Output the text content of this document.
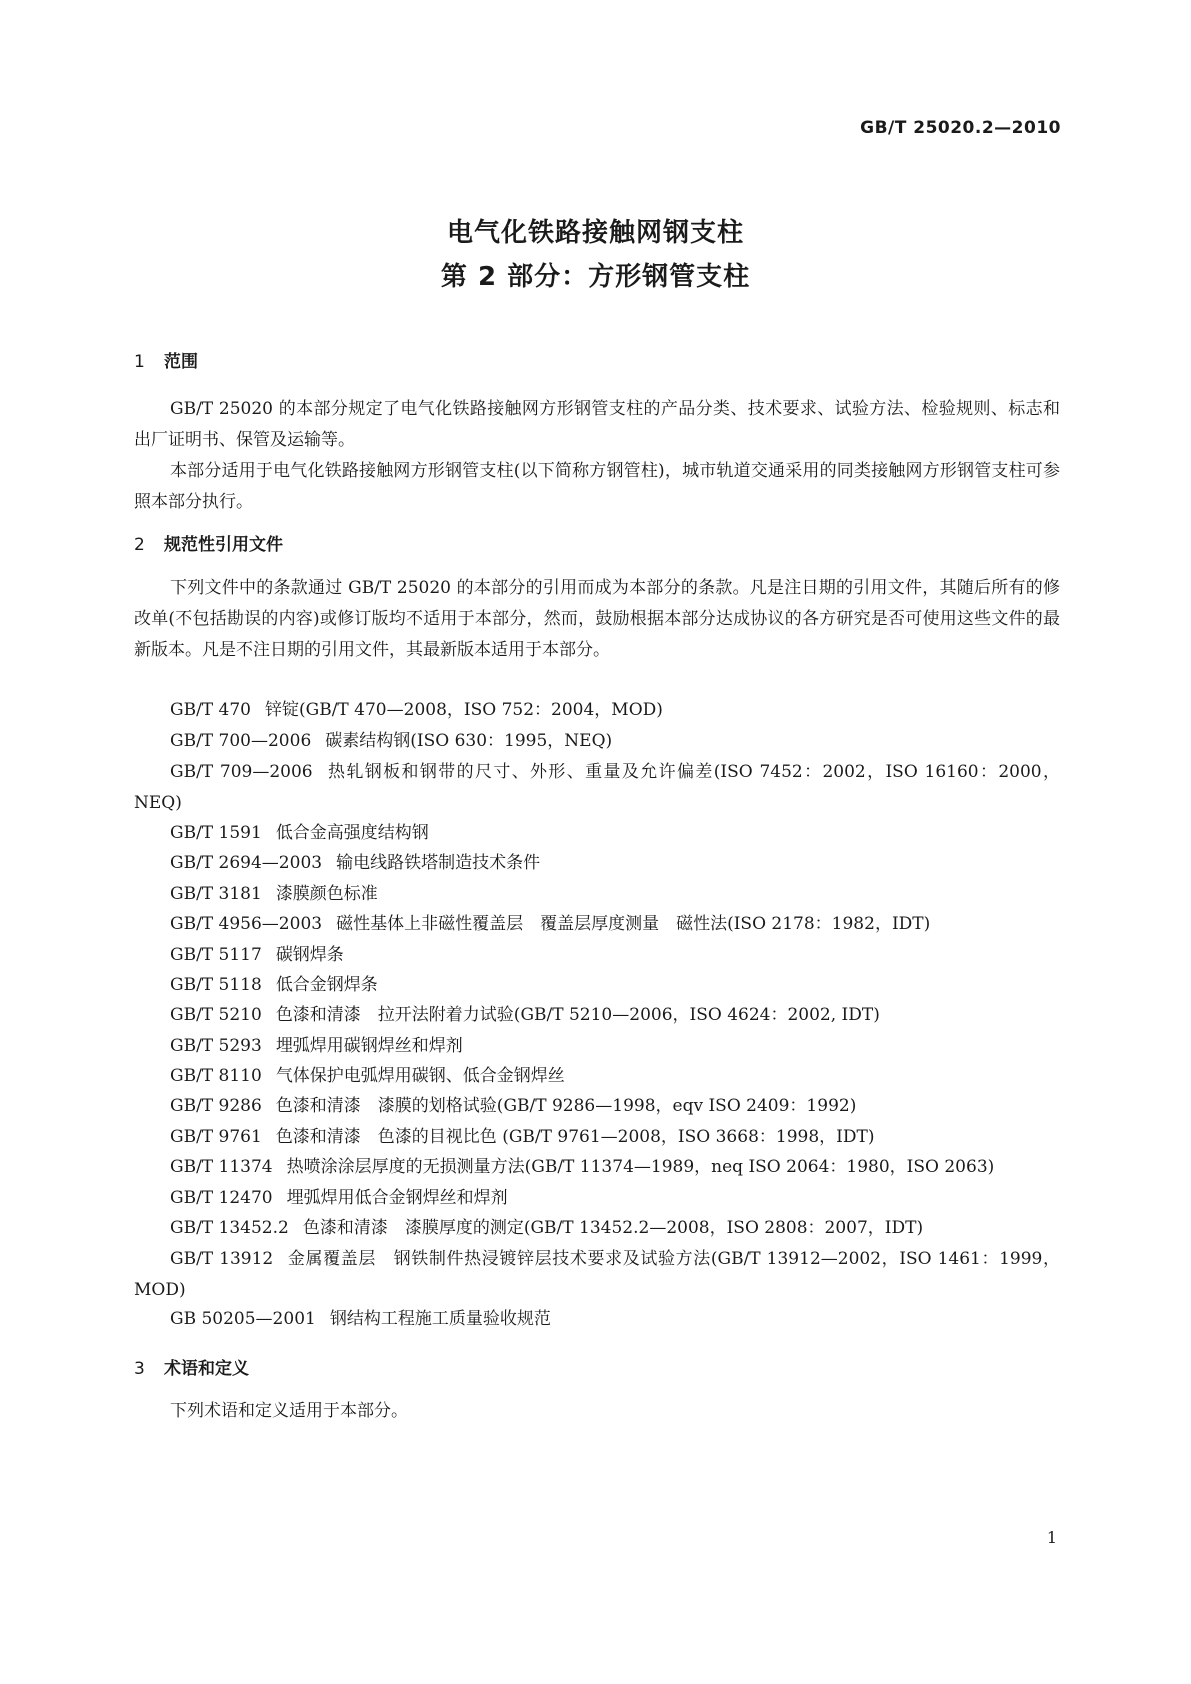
GB/T 25020.2—2010
电气化铁路接触网钢支柱
第 2 部分：方形钢管支柱
1 范围
GB/T 25020 的本部分规定了电气化铁路接触网方形钢管支柱的产品分类、技术要求、试验方法、检验规则、标志和出厂证明书、保管及运输等。
本部分适用于电气化铁路接触网方形钢管支柱(以下简称方钢管柱)，城市轨道交通采用的同类接触网方形钢管支柱可参照本部分执行。
2 规范性引用文件
下列文件中的条款通过 GB/T 25020 的本部分的引用而成为本部分的条款。凡是注日期的引用文件，其随后所有的修改单(不包括勘误的内容)或修订版均不适用于本部分，然而，鼓励根据本部分达成协议的各方研究是否可使用这些文件的最新版本。凡是不注日期的引用文件，其最新版本适用于本部分。
GB/T 470 锌锭(GB/T 470—2008，ISO 752：2004，MOD)
GB/T 700—2006 碳素结构钢(ISO 630：1995，NEQ)
GB/T 709—2006 热轧钢板和钢带的尺寸、外形、重量及允许偏差(ISO 7452：2002，ISO 16160：2000，NEQ)
GB/T 1591 低合金高强度结构钢
GB/T 2694—2003 输电线路铁塔制造技术条件
GB/T 3181 漆膜颜色标准
GB/T 4956—2003 磁性基体上非磁性覆盖层　覆盖层厚度测量　磁性法(ISO 2178：1982，IDT)
GB/T 5117 碳钢焊条
GB/T 5118 低合金钢焊条
GB/T 5210 色漆和清漆　拉开法附着力试验(GB/T 5210—2006，ISO 4624：2002, IDT)
GB/T 5293 埋弧焊用碳钢焊丝和焊剂
GB/T 8110 气体保护电弧焊用碳钢、低合金钢焊丝
GB/T 9286 色漆和清漆　漆膜的划格试验(GB/T 9286—1998，eqv ISO 2409：1992)
GB/T 9761 色漆和清漆　色漆的目视比色 (GB/T 9761—2008，ISO 3668：1998，IDT)
GB/T 11374 热喷涂涂层厚度的无损测量方法(GB/T 11374—1989，neq ISO 2064：1980，ISO 2063)
GB/T 12470 埋弧焊用低合金钢焊丝和焊剂
GB/T 13452.2 色漆和清漆　漆膜厚度的测定(GB/T 13452.2—2008，ISO 2808：2007，IDT)
GB/T 13912 金属覆盖层　钢铁制件热浸镀锌层技术要求及试验方法(GB/T 13912—2002，ISO 1461：1999，MOD)
GB 50205—2001 钢结构工程施工质量验收规范
3 术语和定义
下列术语和定义适用于本部分。
1
